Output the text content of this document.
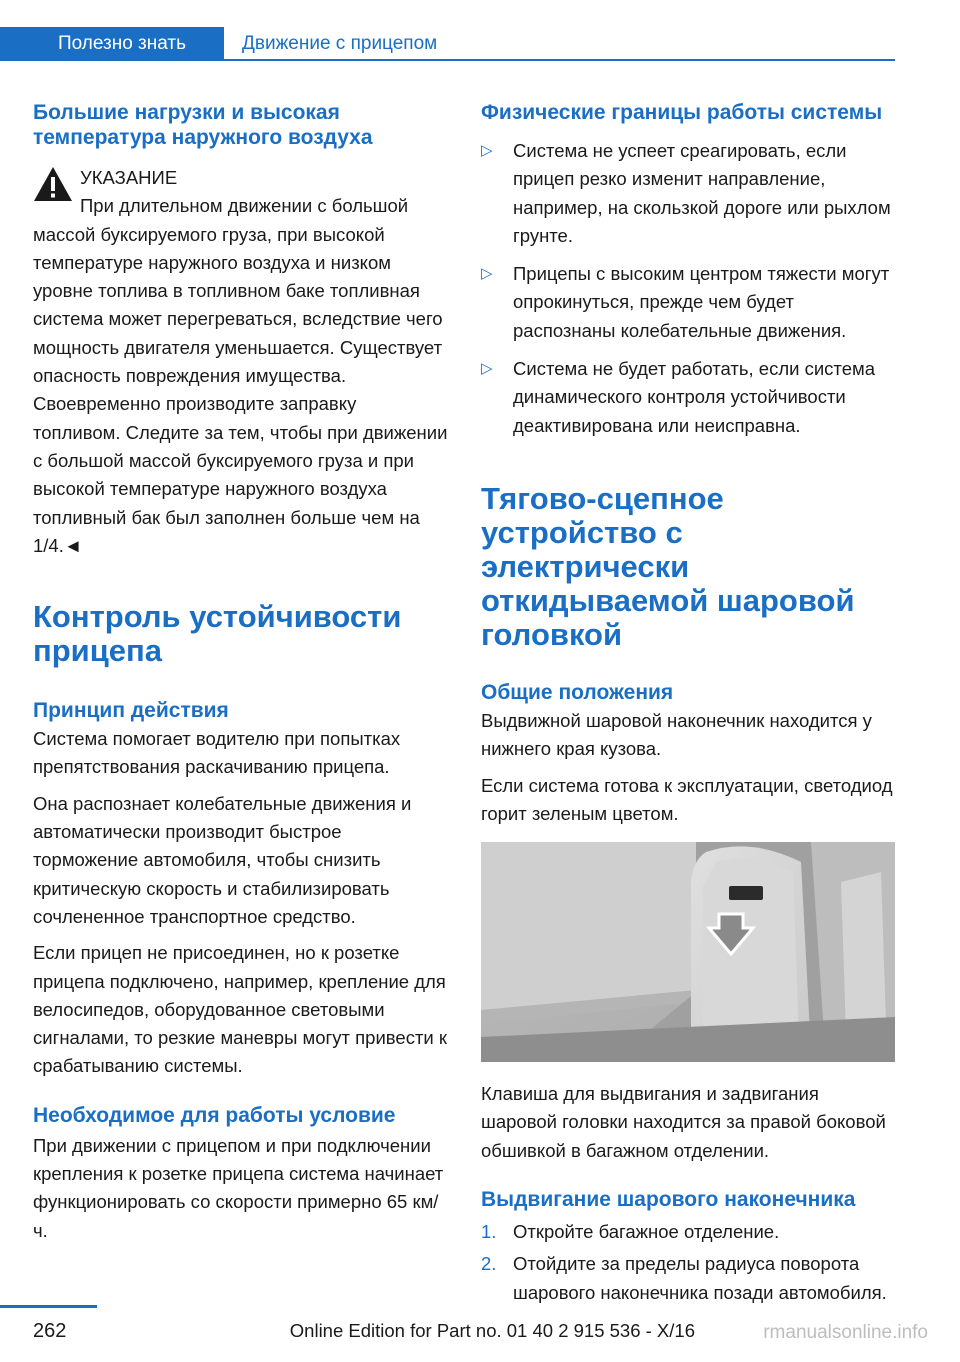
Полезно знать	Движение с прицепом
Большие нагрузки и высокая температура наружного воздуха

УКАЗАНИЕ

При длительном движении с большой

массой буксируемого груза, при высокой температуре наружного воздуха и низком уровне топлива в топливном баке топливная система может перегреваться, вследствие чего мощность двигателя уменьшается. Существует опасность повреждения имущества. Своевременно производите заправку топливом. Следите за тем, чтобы при движении с большой массой буксируемого груза и при высокой температуре наружного воздуха топливный бак был заполнен больше чем на 1/4.◄

Контроль устойчивости прицепа
Принцип действия

Система помогает водителю при попытках препятствования раскачиванию прицепа.

Она распознает колебательные движения и автоматически производит быстрое торможение автомобиля, чтобы снизить критическую скорость и стабилизировать сочлененное транспортное средство.

Если прицеп не присоединен, но к розетке прицепа подключено, например, крепление для велосипедов, оборудованное световыми сигналами, то резкие маневры могут привести к срабатыванию системы.

Необходимое для работы условие

При движении с прицепом и при подключении крепления к розетке прицепа система начинает функционировать со скорости примерно 65 км/ч.

Физические границы работы системы
▷ Система не успеет среагировать, если прицеп резко изменит направление, например, на скользкой дороге или рыхлом грунте.
▷ Прицепы с высоким центром тяжести могут опрокинуться, прежде чем будет распознаны колебательные движения.
▷ Система не будет работать, если система динамического контроля устойчивости деактивирована или неисправна.
Тягово-сцепное устройство с электрически откидываемой шаровой головкой
Общие положения

Выдвижной шаровой наконечник находится у нижнего края кузова.

Если система готова к эксплуатации, светодиод горит зеленым цветом.

Клавиша для выдвигания и задвигания шаровой головки находится за правой боковой обшивкой в багажном отделении.

Выдвигание шарового наконечника
1. Откройте багажное отделение.
2. Отойдите за пределы радиуса поворота шарового наконечника позади автомобиля.
262	Online Edition for Part no. 01 40 2 915 536 - X/16	rmanualsonline.info
